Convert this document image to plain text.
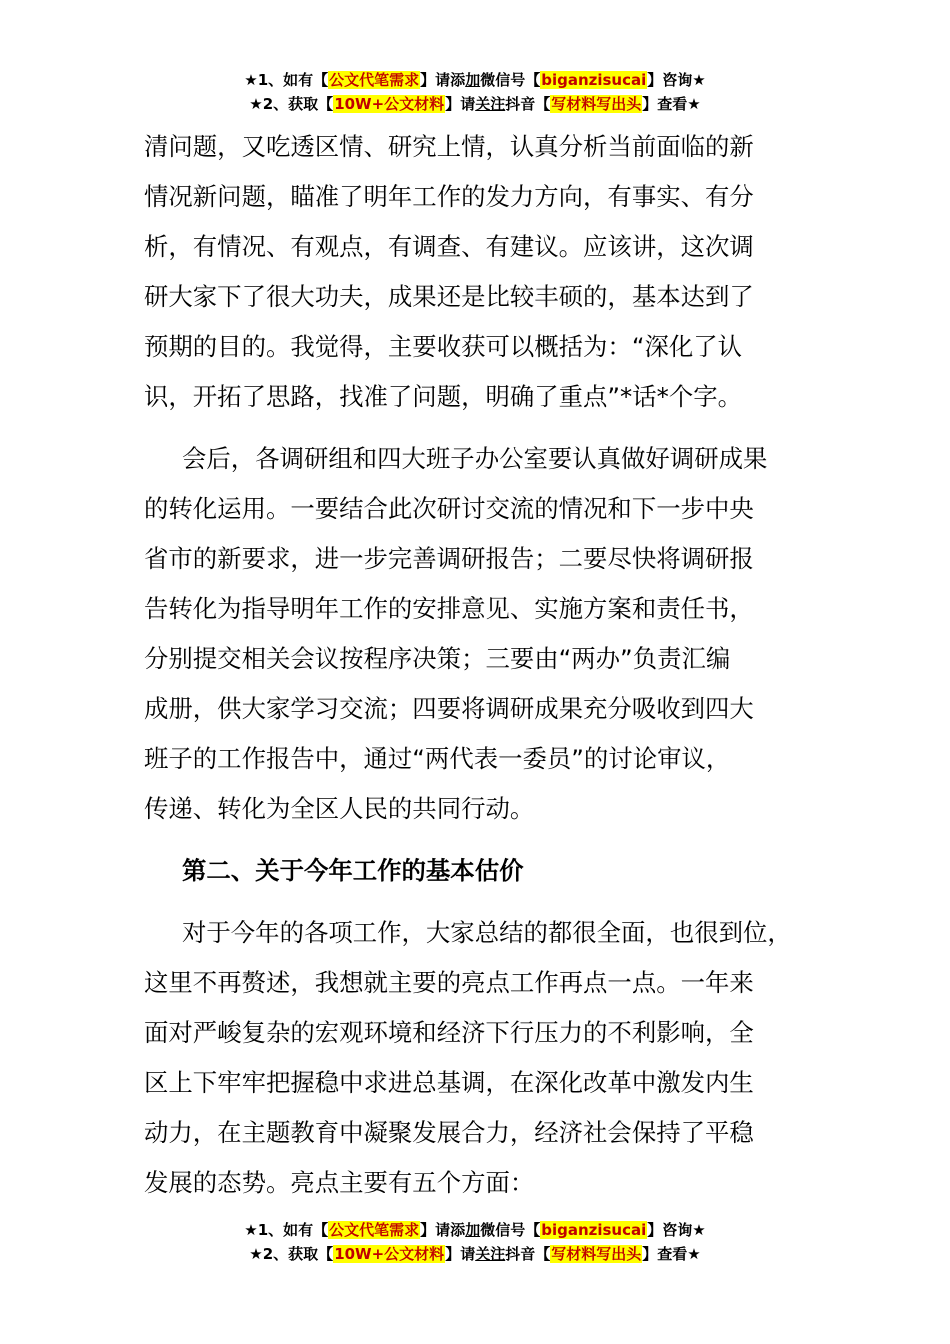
★1、如有【公文代笔需求】请添加微信号【biganzisucai】咨询★
★2、获取【10W+公文材料】请关注抖音【写材料写出头】查看★

清问题，又吃透区情、研究上情，认真分析当前面临的新
情况新问题，瞄准了明年工作的发力方向，有事实、有分
析，有情况、有观点，有调查、有建议。应该讲，这次调
研大家下了很大功夫，成果还是比较丰硕的，基本达到了
预期的目的。我觉得，主要收获可以概括为：“深化了认
识，开拓了思路，找准了问题，明确了重点”*话*个字。

会后，各调研组和四大班子办公室要认真做好调研成果
的转化运用。一要结合此次研讨交流的情况和下一步中央
省市的新要求，进一步完善调研报告；二要尽快将调研报
告转化为指导明年工作的安排意见、实施方案和责任书，
分别提交相关会议按程序决策；三要由“两办”负责汇编
成册，供大家学习交流；四要将调研成果充分吸收到四大
班子的工作报告中，通过“两代表一委员”的讨论审议，
传递、转化为全区人民的共同行动。

第二、关于今年工作的基本估价

对于今年的各项工作，大家总结的都很全面，也很到位，
这里不再赘述，我想就主要的亮点工作再点一点。一年来
面对严峻复杂的宏观环境和经济下行压力的不利影响，全
区上下牢牢把握稳中求进总基调，在深化改革中激发内生
动力，在主题教育中凝聚发展合力，经济社会保持了平稳
发展的态势。亮点主要有五个方面：

★1、如有【公文代笔需求】请添加微信号【biganzisucai】咨询★
★2、获取【10W+公文材料】请关注抖音【写材料写出头】查看★
